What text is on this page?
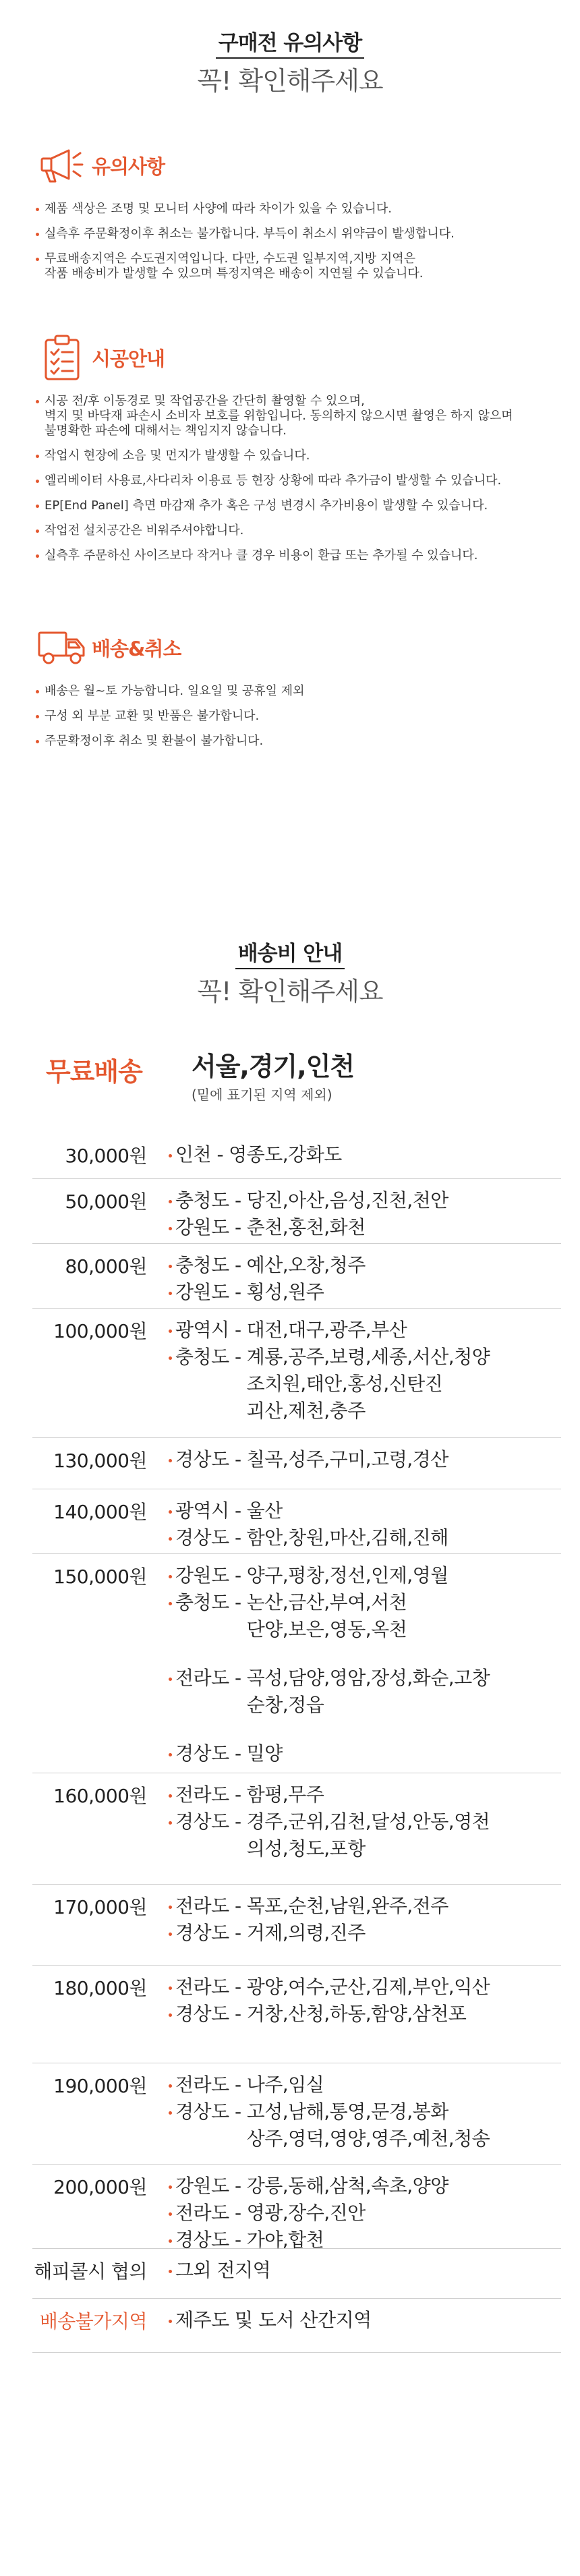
구매전 유의사항
꼭! 확인해주세요
유의사항
제품 색상은 조명 및 모니터 사양에 따라 차이가 있을 수 있습니다.
실측후 주문확정이후 취소는 불가합니다. 부득이 취소시 위약금이 발생합니다.
무료배송지역은 수도권지역입니다. 다만, 수도권 일부지역,지방 지역은
작품 배송비가 발생할 수 있으며 특정지역은 배송이 지연될 수 있습니다.
시공안내
시공 전/후 이동경로 및 작업공간을 간단히 촬영할 수 있으며,
벽지 및 바닥재 파손시 소비자 보호를 위함입니다. 동의하지 않으시면 촬영은 하지 않으며
불명확한 파손에 대해서는 책임지지 않습니다.
작업시 현장에 소음 및 먼지가 발생할 수 있습니다.
엘리베이터 사용료,사다리차 이용료 등 현장 상황에 따라 추가금이 발생할 수 있습니다.
EP[End Panel] 측면 마감재 추가 혹은 구성 변경시 추가비용이 발생할 수 있습니다.
작업전 설치공간은 비워주셔야합니다.
실측후 주문하신 사이즈보다 작거나 클 경우 비용이 환급 또는 추가될 수 있습니다.
배송&취소
배송은 월~토 가능합니다. 일요일 및 공휴일 제외
구성 외 부분 교환 및 반품은 불가합니다.
주문확정이후 취소 및 환불이 불가합니다.
배송비 안내
꼭! 확인해주세요
무료배송	서울,경기,인천
(밑에 표기된 지역 제외)
30,000원	인천 - 영종도,강화도
50,000원	충청도 - 당진,아산,음성,진천,천안
강원도 - 춘천,홍천,화천
80,000원	충청도 - 예산,오창,청주
강원도 - 횡성,원주
100,000원	광역시 - 대전,대구,광주,부산
충청도 - 계룡,공주,보령,세종,서산,청양
조치원,태안,홍성,신탄진
괴산,제천,충주
130,000원	경상도 - 칠곡,성주,구미,고령,경산
140,000원	광역시 - 울산
경상도 - 함안,창원,마산,김해,진해
150,000원	강원도 - 양구,평창,정선,인제,영월
충청도 - 논산,금산,부여,서천
단양,보은,영동,옥천
전라도 - 곡성,담양,영암,장성,화순,고창
순창,정읍
경상도 - 밀양
160,000원	전라도 - 함평,무주
경상도 - 경주,군위,김천,달성,안동,영천
의성,청도,포항
170,000원	전라도 - 목포,순천,남원,완주,전주
경상도 - 거제,의령,진주
180,000원	전라도 - 광양,여수,군산,김제,부안,익산
경상도 - 거창,산청,하동,함양,삼천포
190,000원	전라도 - 나주,임실
경상도 - 고성,남해,통영,문경,봉화
상주,영덕,영양,영주,예천,청송
200,000원	강원도 - 강릉,동해,삼척,속초,양양
전라도 - 영광,장수,진안
경상도 - 가야,합천
해피콜시 협의	그외 전지역
배송불가지역	제주도 및 도서 산간지역
